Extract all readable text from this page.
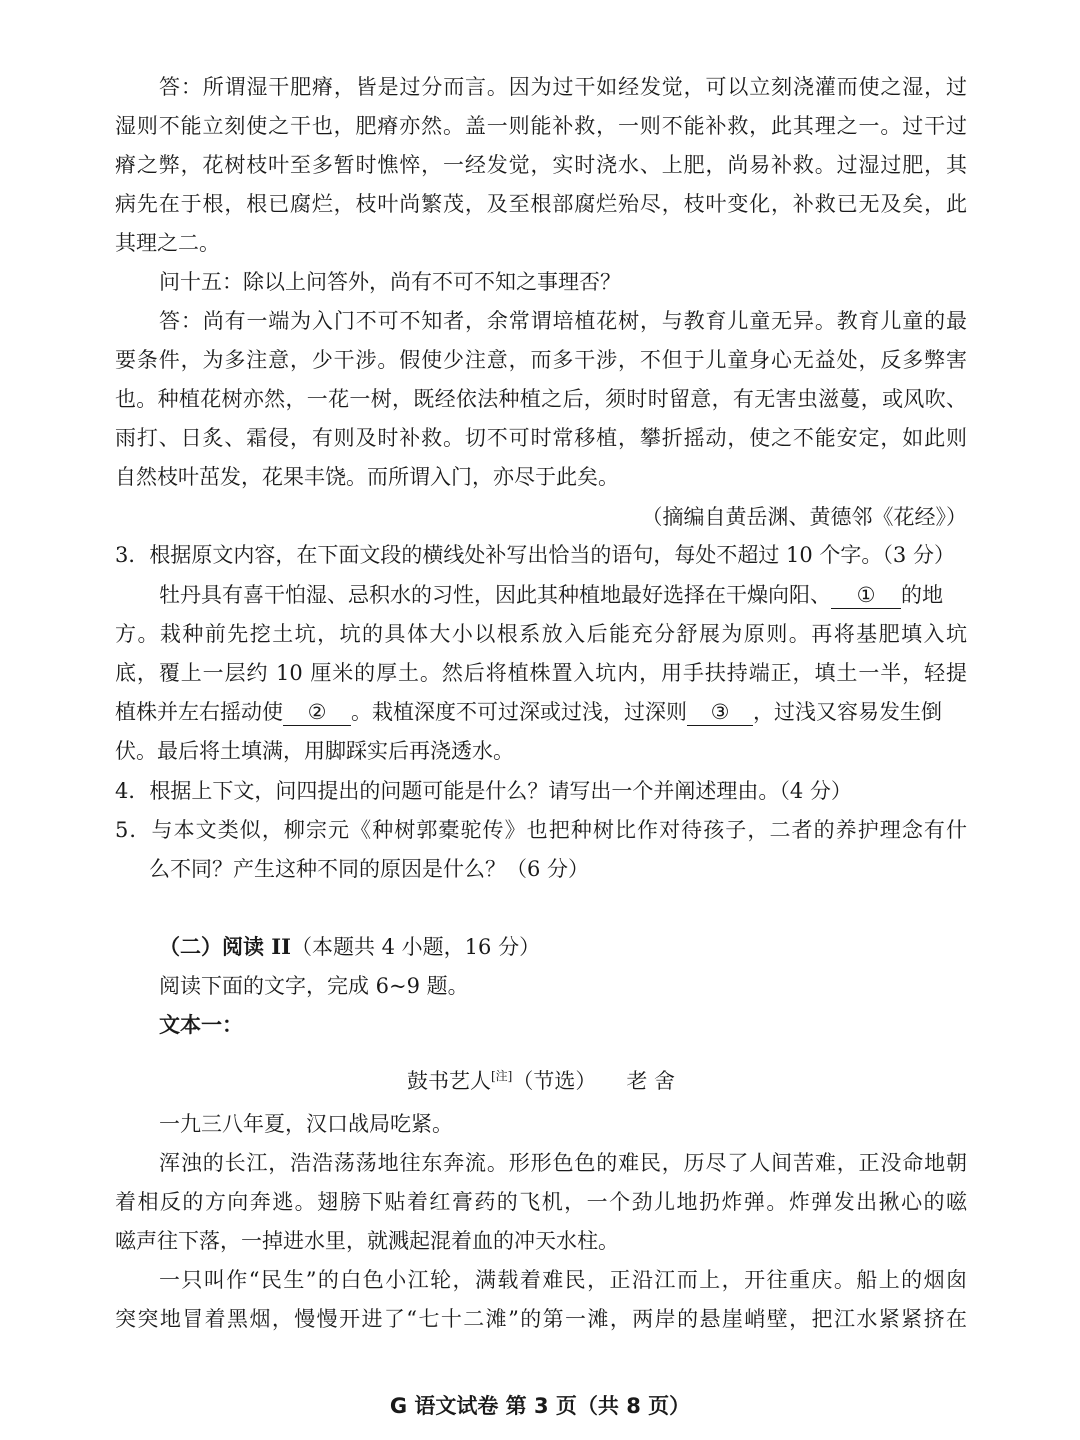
答：所谓湿干肥瘠，皆是过分而言。因为过干如经发觉，可以立刻浇灌而使之湿，过
湿则不能立刻使之干也，肥瘠亦然。盖一则能补救，一则不能补救，此其理之一。过干过
瘠之弊，花树枝叶至多暂时憔悴，一经发觉，实时浇水、上肥，尚易补救。过湿过肥，其
病先在于根，根已腐烂，枝叶尚繁茂，及至根部腐烂殆尽，枝叶变化，补救已无及矣，此
其理之二。
问十五：除以上问答外，尚有不可不知之事理否？
答：尚有一端为入门不可不知者，余常谓培植花树，与教育儿童无异。教育儿童的最
要条件，为多注意，少干涉。假使少注意，而多干涉，不但于儿童身心无益处，反多弊害
也。种植花树亦然，一花一树，既经依法种植之后，须时时留意，有无害虫滋蔓，或风吹、
雨打、日炙、霜侵，有则及时补救。切不可时常移植，攀折摇动，使之不能安定，如此则
自然枝叶茁发，花果丰饶。而所谓入门，亦尽于此矣。
（摘编自黄岳渊、黄德邻《花经》）
3．根据原文内容，在下面文段的横线处补写出恰当的语句，每处不超过 10 个字。（3 分）
牡丹具有喜干怕湿、忌积水的习性，因此其种植地最好选择在干燥向阳、 ① 的地
方。栽种前先挖土坑，坑的具体大小以根系放入后能充分舒展为原则。再将基肥填入坑
底，覆上一层约 10 厘米的厚土。然后将植株置入坑内，用手扶持端正，填土一半，轻提
植株并左右摇动使 ② 。栽植深度不可过深或过浅，过深则 ③ ，过浅又容易发生倒
伏。最后将土填满，用脚踩实后再浇透水。
4．根据上下文，问四提出的问题可能是什么？请写出一个并阐述理由。（4 分）
5．与本文类似，柳宗元《种树郭橐驼传》也把种树比作对待孩子，二者的养护理念有什
么不同？产生这种不同的原因是什么？（6 分）
（二）阅读 II（本题共 4 小题，16 分）
阅读下面的文字，完成 6~9 题。
文本一：
鼓书艺人[注]（节选） 老 舍
一九三八年夏，汉口战局吃紧。
浑浊的长江，浩浩荡荡地往东奔流。形形色色的难民，历尽了人间苦难，正没命地朝
着相反的方向奔逃。翅膀下贴着红膏药的飞机，一个劲儿地扔炸弹。炸弹发出揪心的嗞
嗞声往下落，一掉进水里，就溅起混着血的冲天水柱。
一只叫作“民生”的白色小江轮，满载着难民，正沿江而上，开往重庆。船上的烟囱
突突地冒着黑烟，慢慢开进了“七十二滩”的第一滩，两岸的悬崖峭壁，把江水紧紧挤在
G 语文试卷 第 3 页（共 8 页）
